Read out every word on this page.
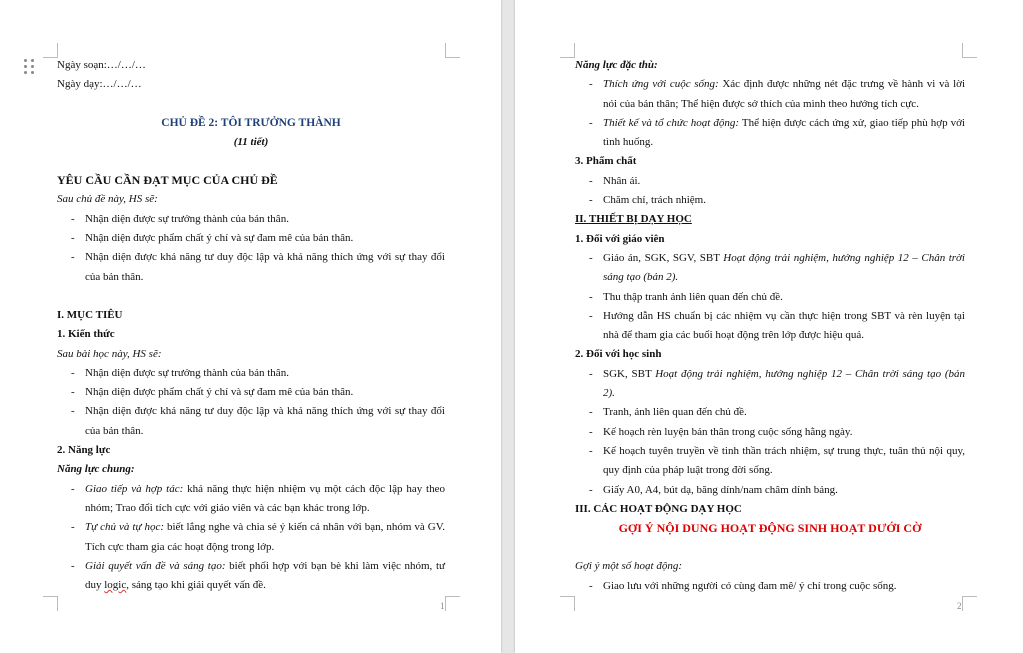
1
Ngày soạn:…/…/…
Ngày dạy:…/…/…
CHỦ ĐỀ 2: TÔI TRƯỞNG THÀNH
(11 tiết)
YÊU CẦU CẦN ĐẠT MỤC CỦA CHỦ ĐỀ
Sau chủ đề này, HS sẽ:
- Nhận diện được sự trưởng thành của bản thân.
- Nhận diện được phẩm chất ý chí và sự đam mê của bản thân.
- Nhận diện được khả năng tư duy độc lập và khả năng thích ứng với sự thay đổi của bản thân.
I. MỤC TIÊU
1. Kiến thức
Sau bài học này, HS sẽ:
- Nhận diện được sự trưởng thành của bản thân.
- Nhận diện được phẩm chất ý chí và sự đam mê của bản thân.
- Nhận diện được khả năng tư duy độc lập và khả năng thích ứng với sự thay đổi của bản thân.
2. Năng lực
Năng lực chung:
- Giao tiếp và hợp tác: khả năng thực hiện nhiệm vụ một cách độc lập hay theo nhóm; Trao đổi tích cực với giáo viên và các bạn khác trong lớp.
- Tự chủ và tự học: biết lắng nghe và chia sẻ ý kiến cá nhân với bạn, nhóm và GV. Tích cực tham gia các hoạt động trong lớp.
- Giải quyết vấn đề và sáng tạo: biết phối hợp với bạn bè khi làm việc nhóm, tư duy logic, sáng tạo khi giải quyết vấn đề.
2
Năng lực đặc thù:
- Thích ứng với cuộc sống: Xác định được những nét đặc trưng về hành vi và lời nói của bản thân; Thể hiện được sở thích của mình theo hướng tích cực.
- Thiết kế và tổ chức hoạt động: Thể hiện được cách ứng xử, giao tiếp phù hợp với tình huống.
3. Phẩm chất
- Nhân ái.
- Chăm chỉ, trách nhiệm.
II. THIẾT BỊ DẠY HỌC
1. Đối với giáo viên
- Giáo án, SGK, SGV, SBT Hoạt động trải nghiệm, hướng nghiệp 12 – Chân trời sáng tạo (bản 2).
- Thu thập tranh ảnh liên quan đến chủ đề.
- Hướng dẫn HS chuẩn bị các nhiệm vụ cần thực hiện trong SBT và rèn luyện tại nhà để tham gia các buổi hoạt động trên lớp được hiệu quả.
2. Đối với học sinh
- SGK, SBT Hoạt động trải nghiệm, hướng nghiệp 12 – Chân trời sáng tạo (bản 2).
- Tranh, ảnh liên quan đến chủ đề.
- Kế hoạch rèn luyện bản thân trong cuộc sống hằng ngày.
- Kế hoạch tuyên truyền về tinh thần trách nhiệm, sự trung thực, tuân thủ nội quy, quy định của pháp luật trong đời sống.
- Giấy A0, A4, bút dạ, băng dính/nam châm dính bảng.
III. CÁC HOẠT ĐỘNG DẠY HỌC
GỢI Ý NỘI DUNG HOẠT ĐỘNG SINH HOẠT DƯỚI CỜ
Gợi ý một số hoạt động:
- Giao lưu với những người có cùng đam mê/ ý chí trong cuộc sống.
